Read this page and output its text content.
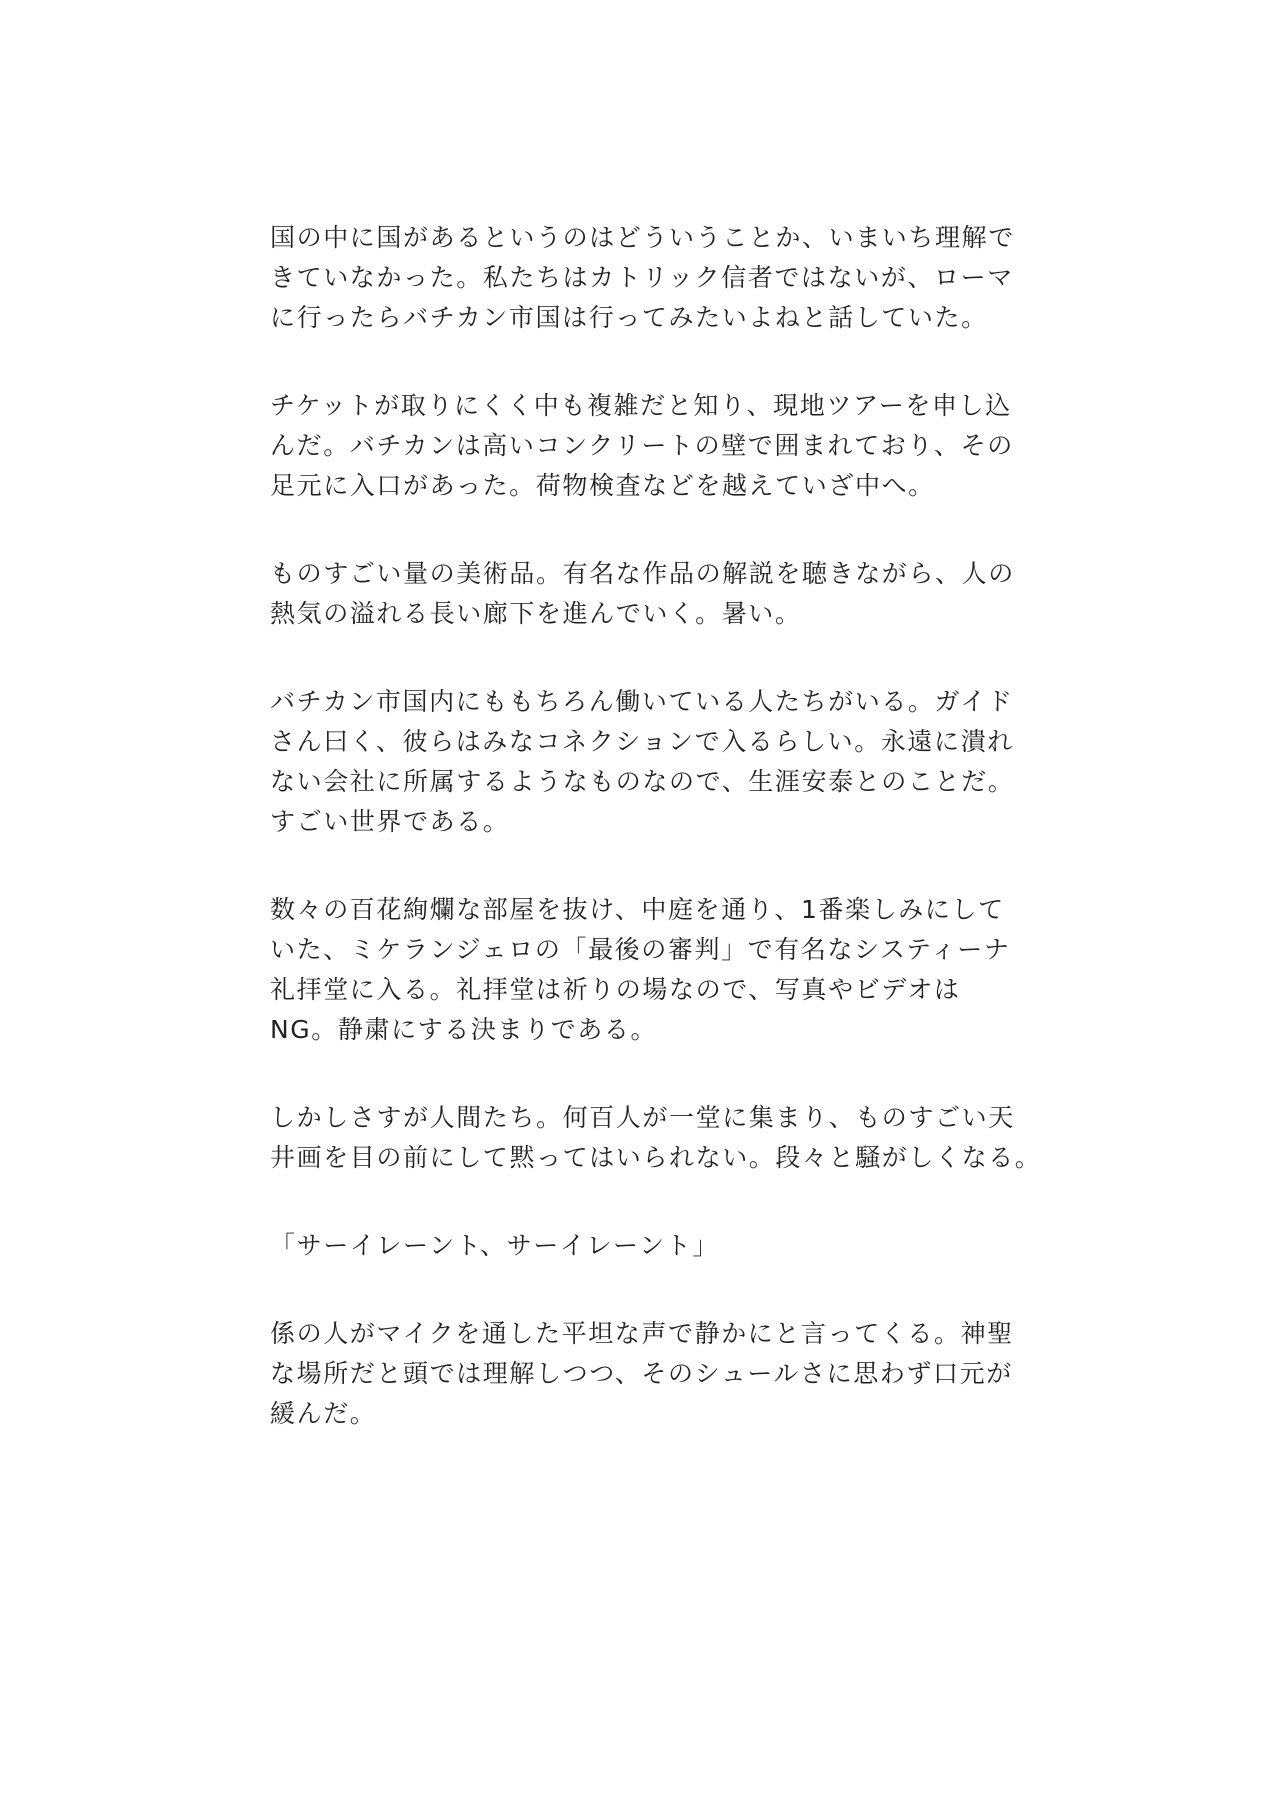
国の中に国があるというのはどういうことか、いまいち理解で
きていなかった。私たちはカトリック信者ではないが、ローマ
に行ったらバチカン市国は行ってみたいよねと話していた。

チケットが取りにくく中も複雑だと知り、現地ツアーを申し込
んだ。バチカンは高いコンクリートの壁で囲まれており、その
足元に入口があった。荷物検査などを越えていざ中へ。

ものすごい量の美術品。有名な作品の解説を聴きながら、人の
熱気の溢れる長い廊下を進んでいく。暑い。

バチカン市国内にももちろん働いている人たちがいる。ガイド
さん曰く、彼らはみなコネクションで入るらしい。永遠に潰れ
ない会社に所属するようなものなので、生涯安泰とのことだ。
すごい世界である。

数々の百花絢爛な部屋を抜け、中庭を通り、1番楽しみにして
いた、ミケランジェロの「最後の審判」で有名なシスティーナ
礼拝堂に入る。礼拝堂は祈りの場なので、写真やビデオは
NG。静粛にする決まりである。

しかしさすが人間たち。何百人が一堂に集まり、ものすごい天
井画を目の前にして黙ってはいられない。段々と騒がしくなる。

「サーイレーント、サーイレーント」

係の人がマイクを通した平坦な声で静かにと言ってくる。神聖
な場所だと頭では理解しつつ、そのシュールさに思わず口元が
緩んだ。
